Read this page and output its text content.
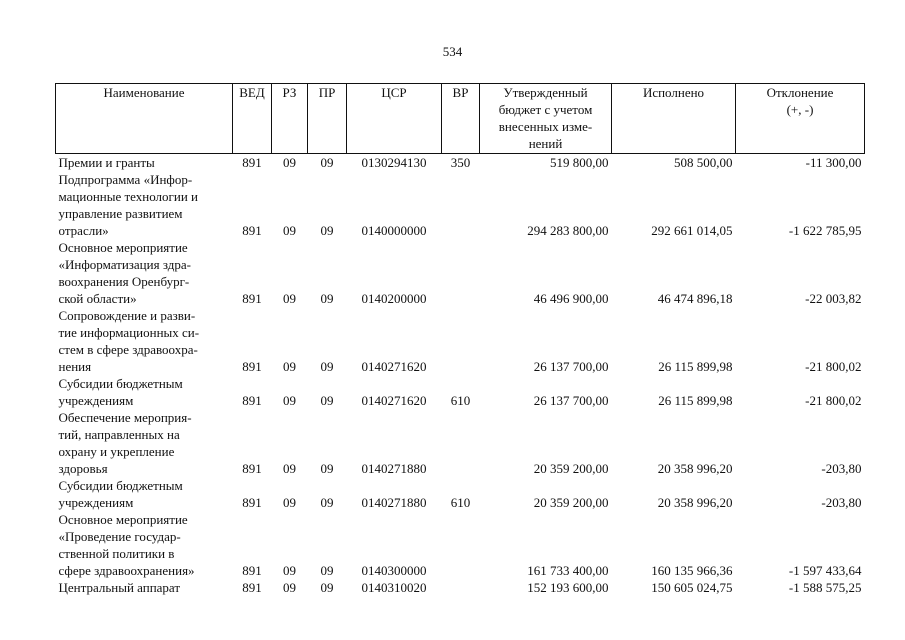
534
Наименование	ВЕД	РЗ	ПР	ЦСР	ВР	Утвержденный
бюджет с учетом
внесенных изме-
нений	Исполнено	Отклонение
(+, -)

Премии и гранты	891	09	09	0130294130	350	519 800,00	508 500,00	-11 300,00

Подпрограмма «Инфор-
мационные технологии и
управление развитием
отрасли»	891	09	09	0140000000		294 283 800,00	292 661 014,05	-1 622 785,95

Основное мероприятие
«Информатизация здра-
воохранения Оренбург-
ской области»	891	09	09	0140200000		46 496 900,00	46 474 896,18	-22 003,82

Сопровождение и разви-
тие информационных си-
стем в сфере здравоохра-
нения	891	09	09	0140271620		26 137 700,00	26 115 899,98	-21 800,02

Субсидии бюджетным
учреждениям	891	09	09	0140271620	610	26 137 700,00	26 115 899,98	-21 800,02

Обеспечение мероприя-
тий, направленных на
охрану и укрепление
здоровья	891	09	09	0140271880		20 359 200,00	20 358 996,20	-203,80

Субсидии бюджетным
учреждениям	891	09	09	0140271880	610	20 359 200,00	20 358 996,20	-203,80

Основное мероприятие
«Проведение государ-
ственной политики в
сфере здравоохранения»	891	09	09	0140300000		161 733 400,00	160 135 966,36	-1 597 433,64

Центральный аппарат	891	09	09	0140310020		152 193 600,00	150 605 024,75	-1 588 575,25
